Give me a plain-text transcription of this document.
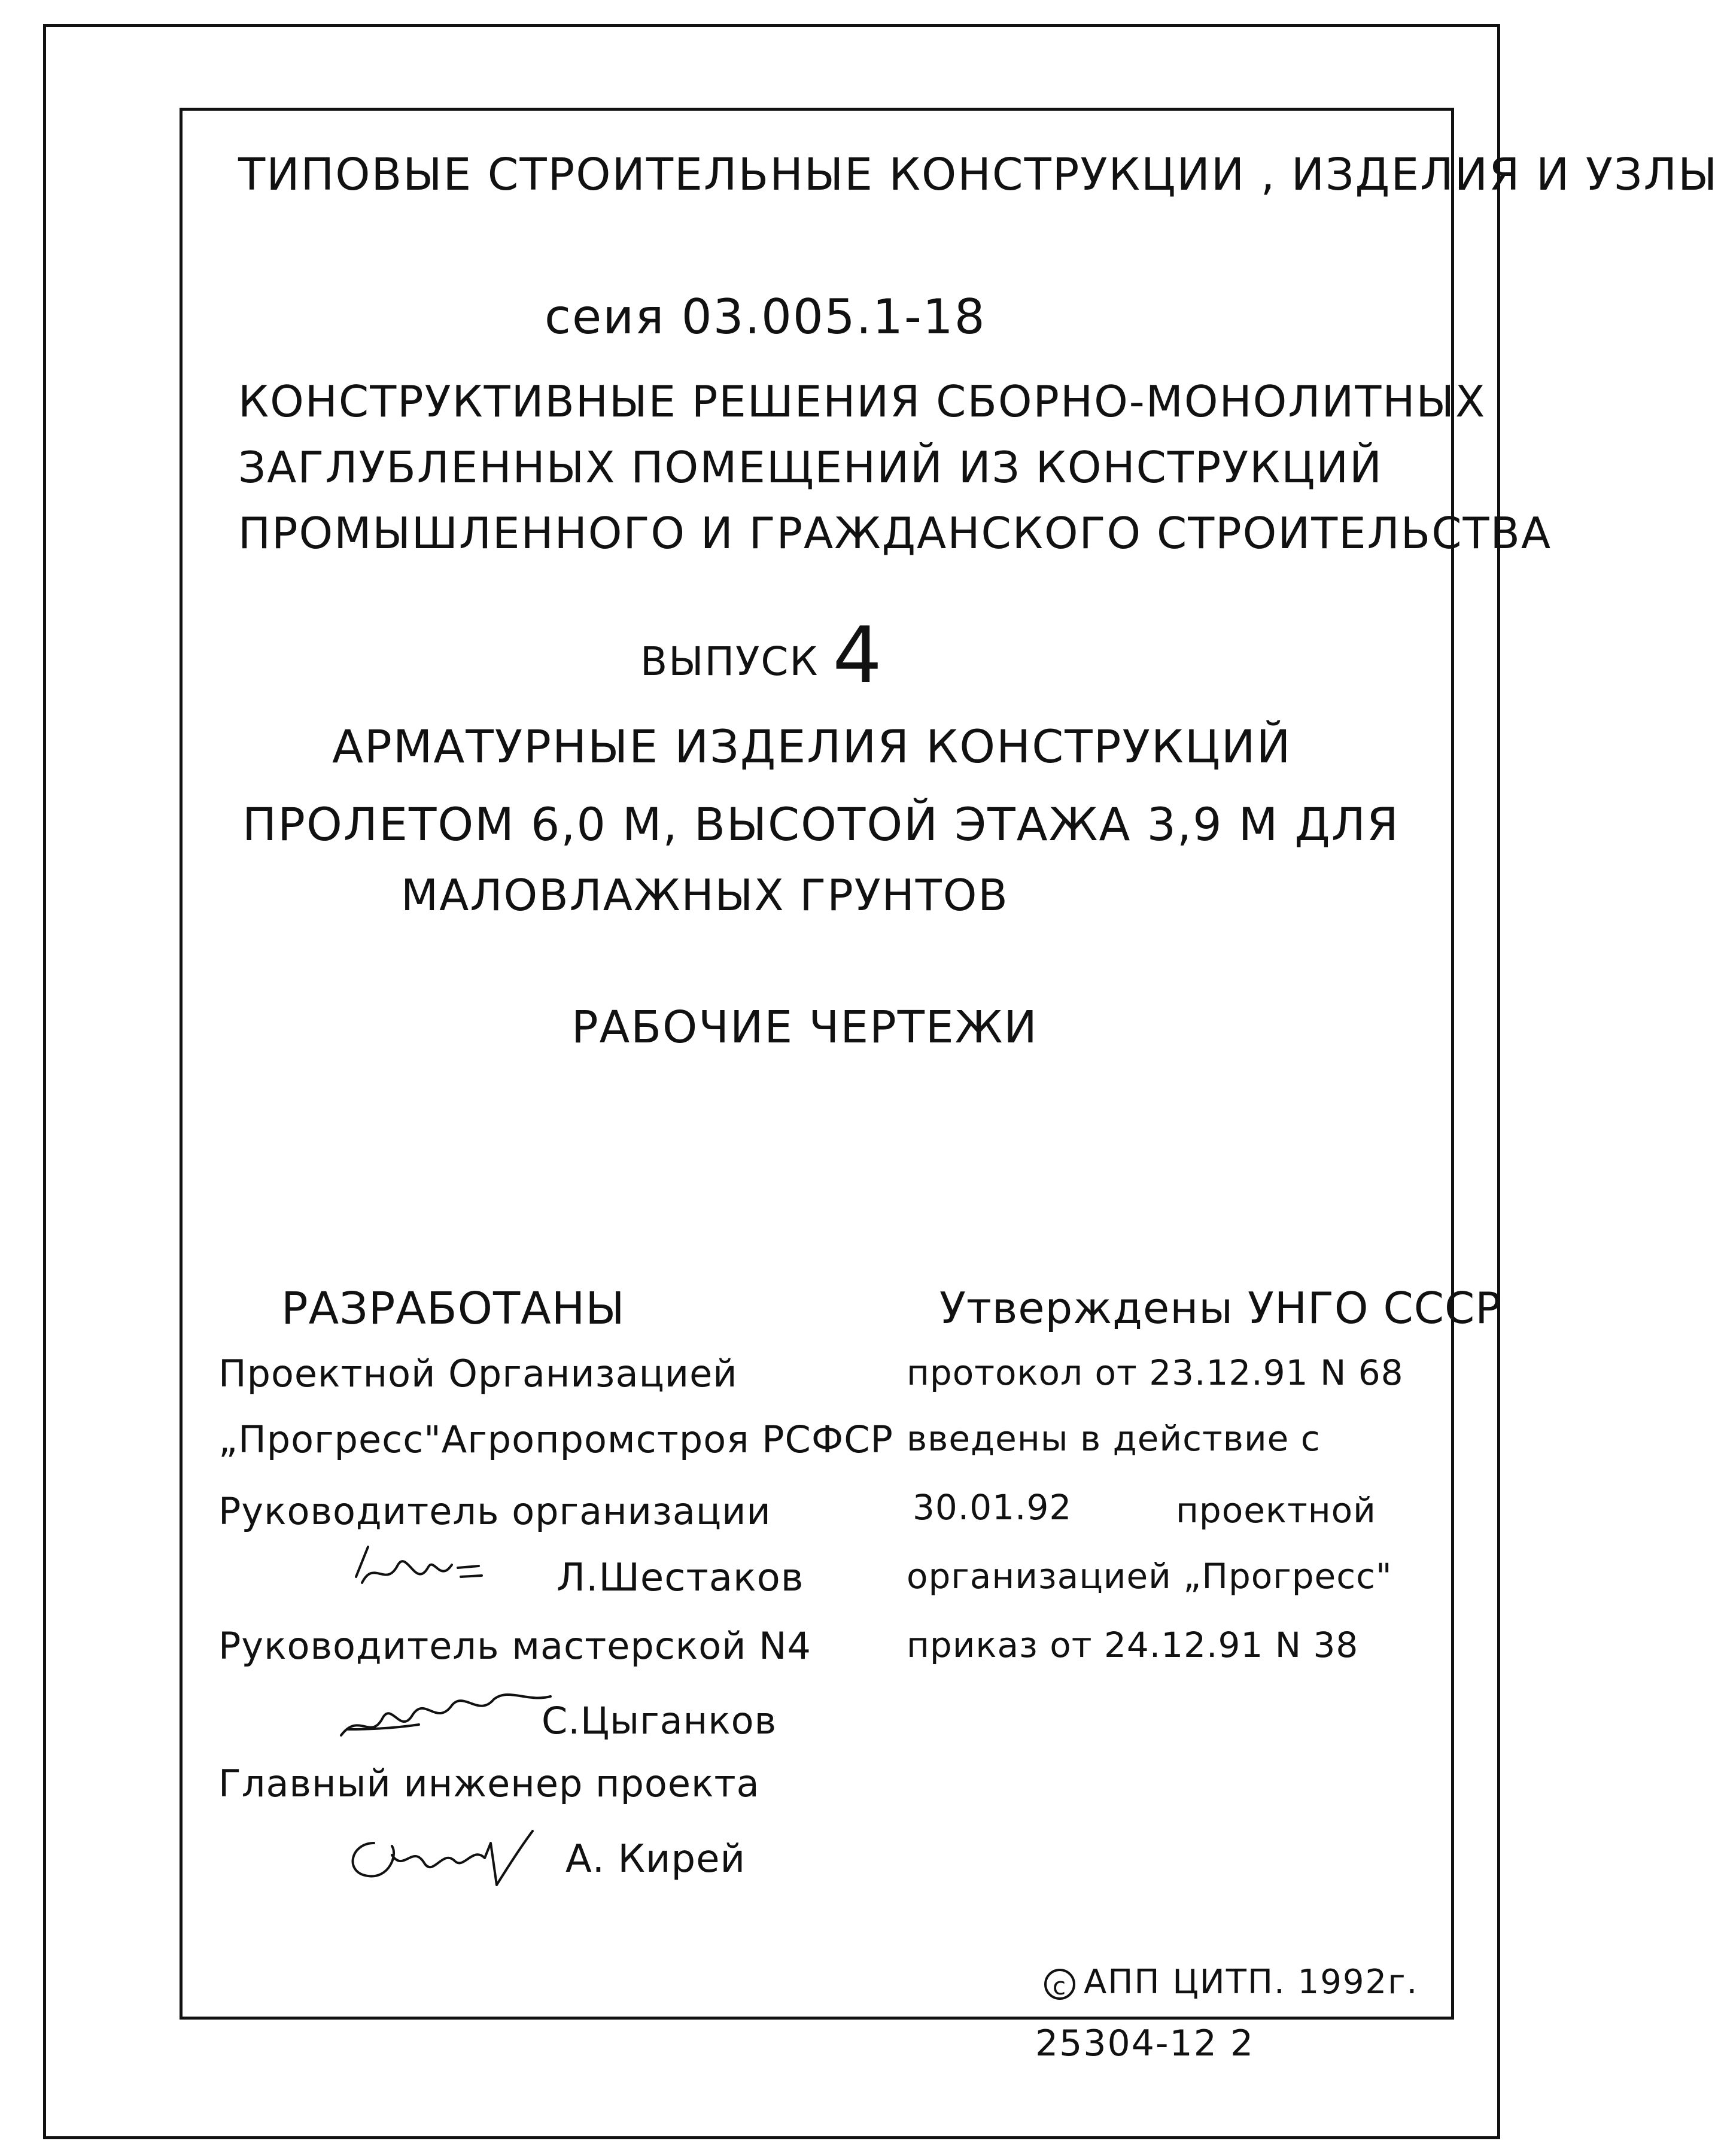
ТИПОВЫЕ СТРОИТЕЛЬНЫЕ КОНСТРУКЦИИ , ИЗДЕЛИЯ И УЗЛЫ
сеия 03.005.1-18
КОНСТРУКТИВНЫЕ РЕШЕНИЯ СБОРНО-МОНОЛИТНЫХ
ЗАГЛУБЛЕННЫХ ПОМЕЩЕНИЙ ИЗ КОНСТРУКЦИЙ
ПРОМЫШЛЕННОГО И ГРАЖДАНСКОГО СТРОИТЕЛЬСТВА
ВЫПУСК 4
АРМАТУРНЫЕ ИЗДЕЛИЯ КОНСТРУКЦИЙ
ПРОЛЕТОМ 6,0 М, ВЫСОТОЙ ЭТАЖА 3,9 М ДЛЯ
МАЛОВЛАЖНЫХ ГРУНТОВ
РАБОЧИЕ ЧЕРТЕЖИ
РАЗРАБОТАНЫ
Проектной Организацией
„Прогресс"Агропромстроя РСФСР
Руководитель организации
Л.Шестаков
Руководитель мастерской N4
С.Цыганков
Главный инженер проекта
А. Кирей
Утверждены УНГО СССР
протокол от 23.12.91 N 68
введены в действие с
30.01.92	проектной
организацией „Прогресс"
приказ от 24.12.91 N 38
c АПП ЦИТП. 1992г.
25304-12 2
